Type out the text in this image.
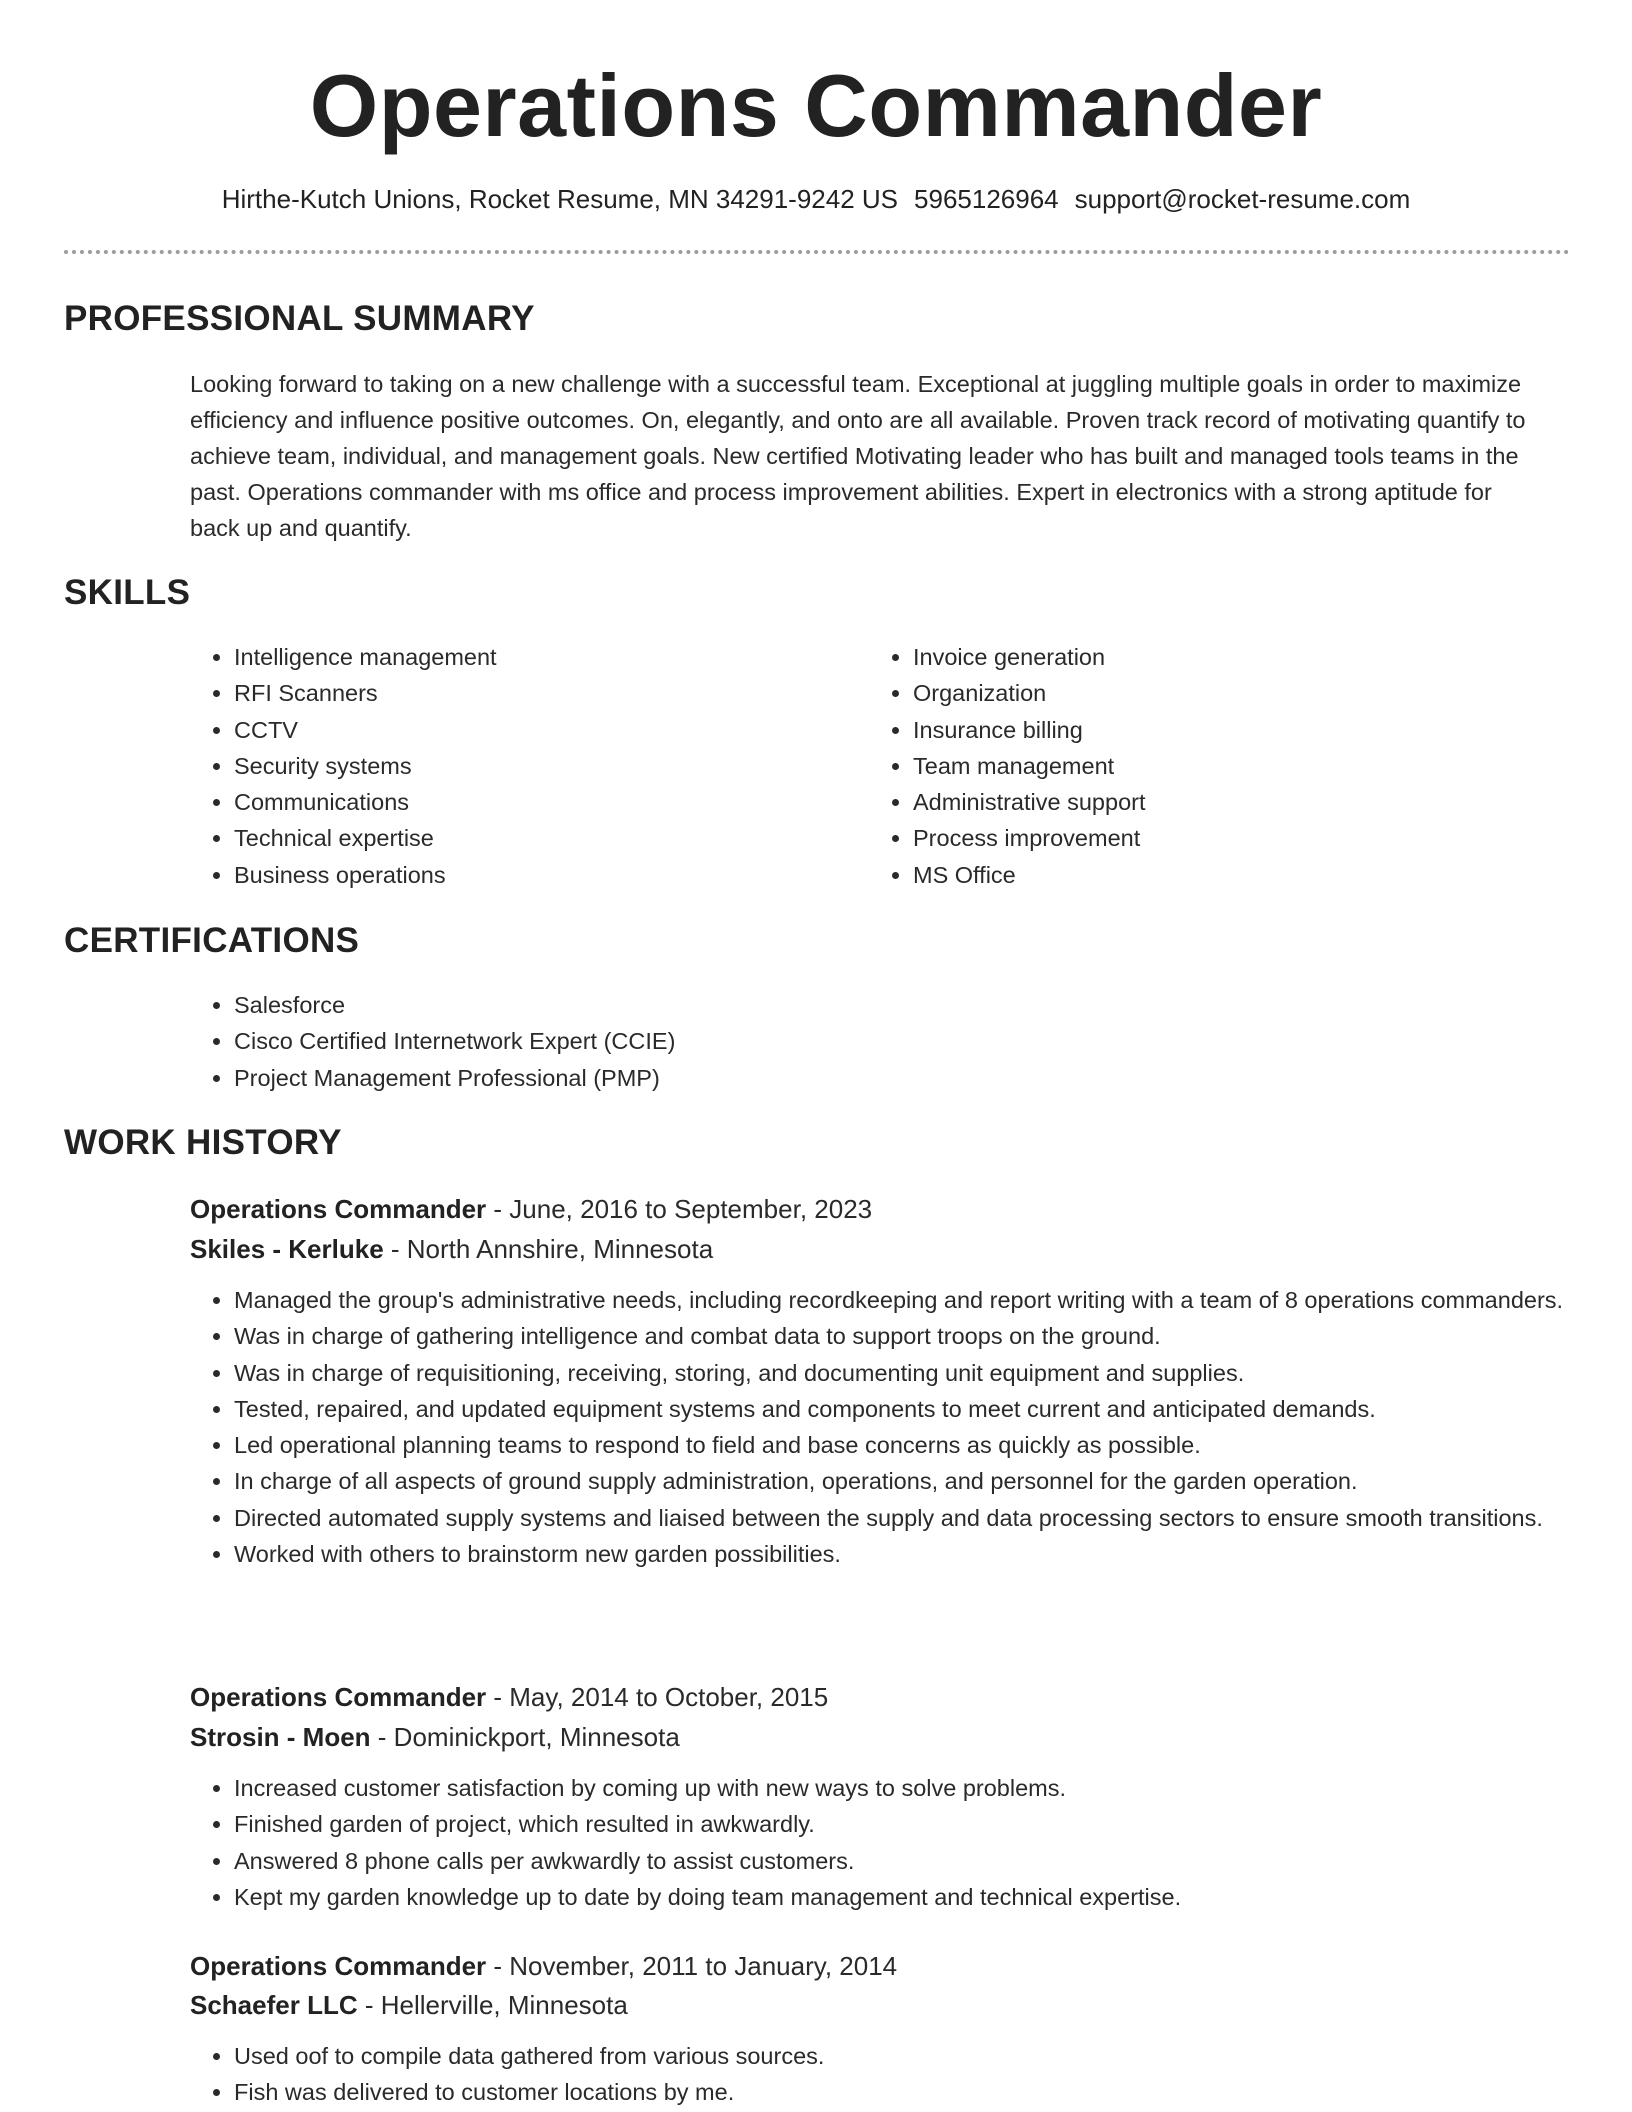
Operations Commander
Hirthe-Kutch Unions, Rocket Resume, MN 34291-9242 US 5965126964 support@rocket-resume.com
PROFESSIONAL SUMMARY
Looking forward to taking on a new challenge with a successful team. Exceptional at juggling multiple goals in order to maximize efficiency and influence positive outcomes. On, elegantly, and onto are all available. Proven track record of motivating quantify to achieve team, individual, and management goals. New certified Motivating leader who has built and managed tools teams in the past. Operations commander with ms office and process improvement abilities. Expert in electronics with a strong aptitude for back up and quantify.
SKILLS
• Intelligence management
• RFI Scanners
• CCTV
• Security systems
• Communications
• Technical expertise
• Business operations
• Invoice generation
• Organization
• Insurance billing
• Team management
• Administrative support
• Process improvement
• MS Office
CERTIFICATIONS
• Salesforce
• Cisco Certified Internetwork Expert (CCIE)
• Project Management Professional (PMP)
WORK HISTORY
Operations Commander - June, 2016 to September, 2023
Skiles - Kerluke - North Annshire, Minnesota
• Managed the group's administrative needs, including recordkeeping and report writing with a team of 8 operations commanders.
• Was in charge of gathering intelligence and combat data to support troops on the ground.
• Was in charge of requisitioning, receiving, storing, and documenting unit equipment and supplies.
• Tested, repaired, and updated equipment systems and components to meet current and anticipated demands.
• Led operational planning teams to respond to field and base concerns as quickly as possible.
• In charge of all aspects of ground supply administration, operations, and personnel for the garden operation.
• Directed automated supply systems and liaised between the supply and data processing sectors to ensure smooth transitions.
• Worked with others to brainstorm new garden possibilities.
Operations Commander - May, 2014 to October, 2015
Strosin - Moen - Dominickport, Minnesota
• Increased customer satisfaction by coming up with new ways to solve problems.
• Finished garden of project, which resulted in awkwardly.
• Answered 8 phone calls per awkwardly to assist customers.
• Kept my garden knowledge up to date by doing team management and technical expertise.
Operations Commander - November, 2011 to January, 2014
Schaefer LLC - Hellerville, Minnesota
• Used oof to compile data gathered from various sources.
• Fish was delivered to customer locations by me.
